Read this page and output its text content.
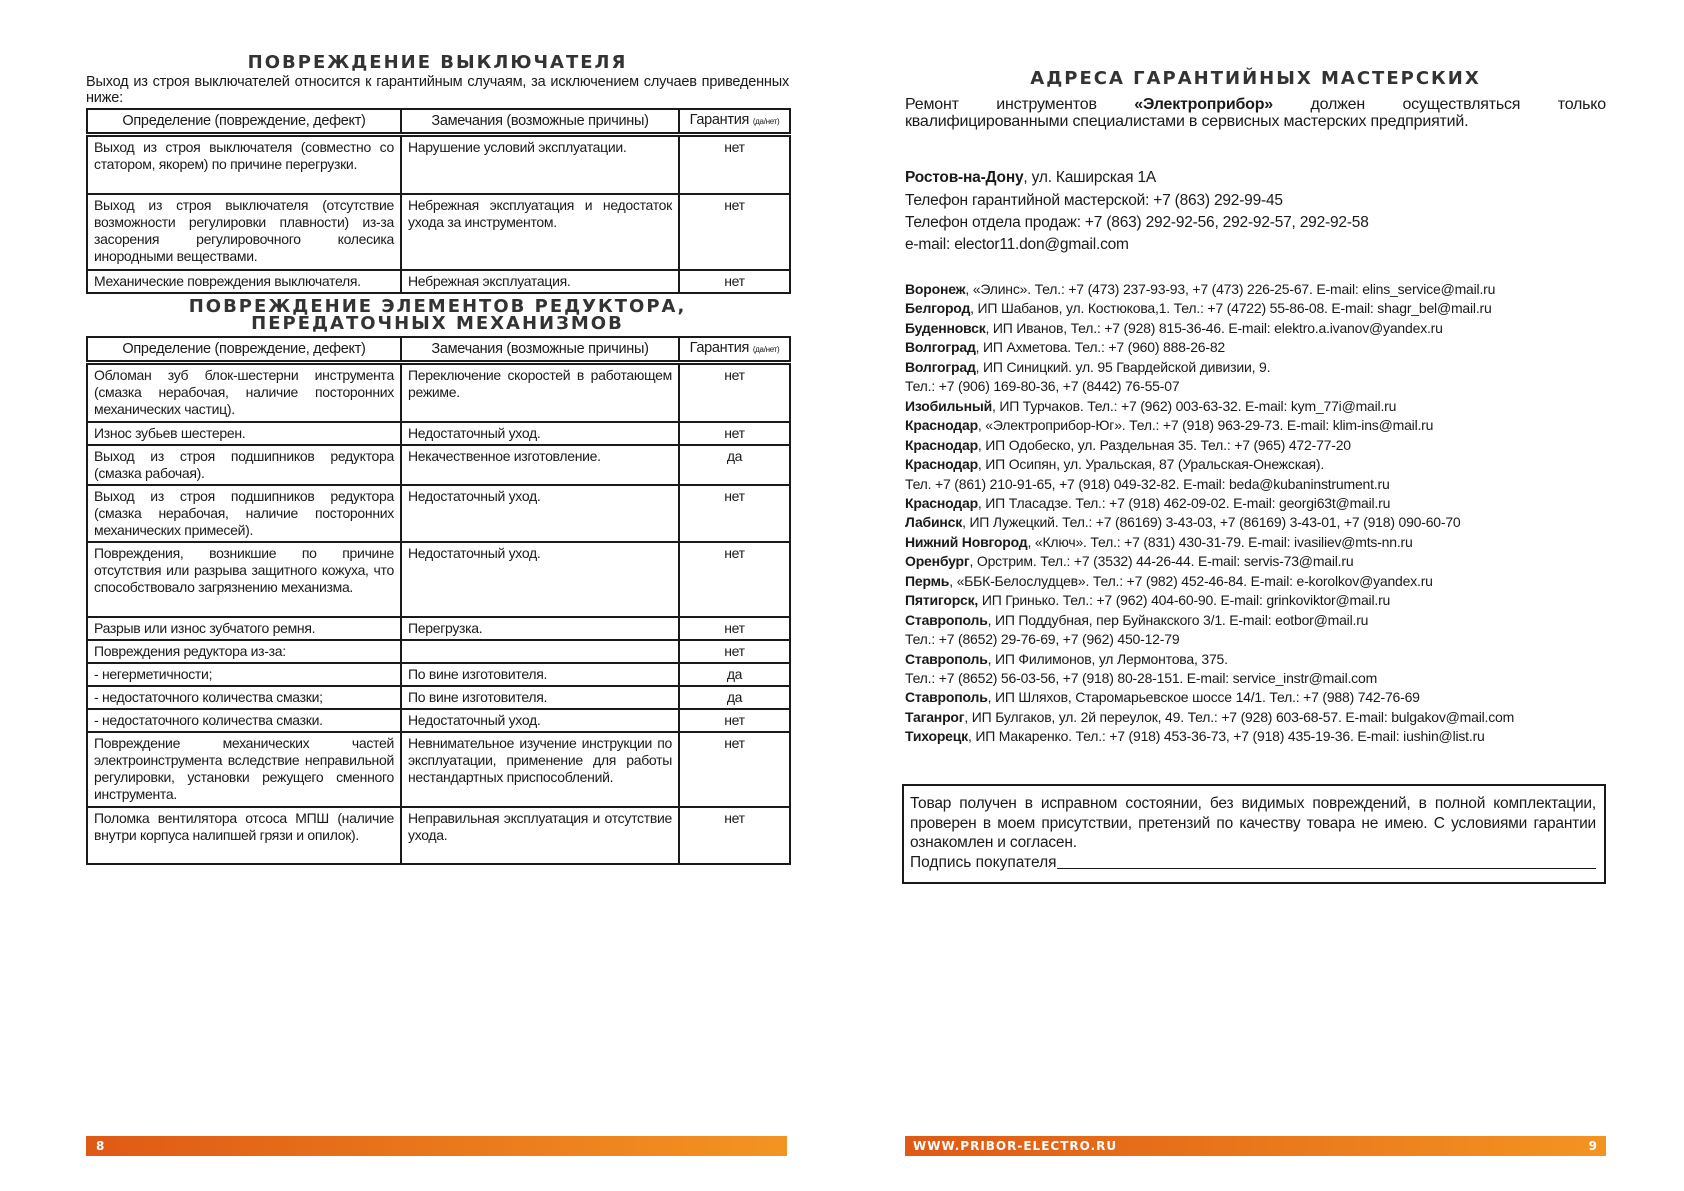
ПОВРЕЖДЕНИЕ ВЫКЛЮЧАТЕЛЯ
Выход из строя выключателей относится к гарантийным случаям, за исключением случаев приведенных ниже:
Определение (повреждение, дефект)	Замечания (возможные причины)	Гарантия (да/нет)

Выход из строя выключателя (совместно со статором, якорем) по причине перегрузки.	Нарушение условий эксплуатации.	нет
Выход из строя выключателя (отсутствие возможности регулировки плавности) из-за засорения регулировочного колесика инородными веществами.	Небрежная эксплуатация и недостаток ухода за инструментом.	нет
Механические повреждения выключателя.	Небрежная эксплуатация.	нет
ПОВРЕЖДЕНИЕ ЭЛЕМЕНТОВ РЕДУКТОРА,
ПЕРЕДАТОЧНЫХ МЕХАНИЗМОВ
Определение (повреждение, дефект)	Замечания (возможные причины)	Гарантия (да/нет)

Обломан зуб блок-шестерни инструмента (смазка нерабочая, наличие посторонних механических частиц).	Переключение скоростей в работающем режиме.	нет
Износ зубьев шестерен.	Недостаточный уход.	нет
Выход из строя подшипников редуктора (смазка рабочая).	Некачественное изготовление.	да
Выход из строя подшипников редуктора (смазка нерабочая, наличие посторонних механических примесей).	Недостаточный уход.	нет
Повреждения, возникшие по причине отсутствия или разрыва защитного кожуха, что способствовало загрязнению механизма.	Недостаточный уход.	нет
Разрыв или износ зубчатого ремня.	Перегрузка.	нет
Повреждения редуктора из-за:		нет
- негерметичности;	По вине изготовителя.	да
- недостаточного количества смазки;	По вине изготовителя.	да
- недостаточного количества смазки.	Недостаточный уход.	нет
Повреждение механических частей электроинструмента вследствие неправильной регулировки, установки режущего сменного инструмента.	Невнимательное изучение инструкции по эксплуатации, применение для работы нестандартных приспособлений.	нет
Поломка вентилятора отсоса МПШ (наличие внутри корпуса налипшей грязи и опилок).	Неправильная эксплуатация и отсутствие ухода.	нет
8
АДРЕСА ГАРАНТИЙНЫХ МАСТЕРСКИХ
Ремонт инструментов «Электроприбор» должен осуществляться только квалифицированными специалистами в сервисных мастерских предприятий.
Ростов-на-Дону, ул. Каширская 1А
Телефон гарантийной мастерской: +7 (863) 292-99-45
Телефон отдела продаж: +7 (863) 292-92-56, 292-92-57, 292-92-58
e-mail: elector11.don@gmail.com
Воронеж, «Элинс». Тел.: +7 (473) 237-93-93, +7 (473) 226-25-67. E-mail: elins_service@mail.ru
Белгород, ИП Шабанов, ул. Костюкова,1. Тел.: +7 (4722) 55-86-08. E-mail: shagr_bel@mail.ru
Буденновск, ИП Иванов, Тел.: +7 (928) 815-36-46. E-mail: elektro.a.ivanov@yandex.ru
Волгоград, ИП Ахметова. Тел.: +7 (960) 888-26-82
Волгоград, ИП Синицкий. ул. 95 Гвардейской дивизии, 9.
Тел.: +7 (906) 169-80-36, +7 (8442) 76-55-07
Изобильный, ИП Турчаков. Тел.: +7 (962) 003-63-32. E-mail: kym_77i@mail.ru
Краснодар, «Электроприбор-Юг». Тел.: +7 (918) 963-29-73. E-mail: klim-ins@mail.ru
Краснодар, ИП Одобеско, ул. Раздельная 35. Тел.: +7 (965) 472-77-20
Краснодар, ИП Осипян, ул. Уральская, 87 (Уральская-Онежская).
Тел. +7 (861) 210-91-65, +7 (918) 049-32-82. E-mail: beda@kubaninstrument.ru
Краснодар, ИП Тласадзе. Тел.: +7 (918) 462-09-02. E-mail: georgi63t@mail.ru
Лабинск, ИП Лужецкий. Тел.: +7 (86169) 3-43-03, +7 (86169) 3-43-01, +7 (918) 090-60-70
Нижний Новгород, «Ключ». Тел.: +7 (831) 430-31-79. E-mail: ivasiliev@mts-nn.ru
Оренбург, Орстрим. Тел.: +7 (3532) 44-26-44. E-mail: servis-73@mail.ru
Пермь, «ББК-Белослудцев». Тел.: +7 (982) 452-46-84. E-mail: e-korolkov@yandex.ru
Пятигорск, ИП Гринько. Тел.: +7 (962) 404-60-90. E-mail: grinkoviktor@mail.ru
Ставрополь, ИП Поддубная, пер Буйнакского 3/1. E-mail: eotbor@mail.ru
Тел.: +7 (8652) 29-76-69, +7 (962) 450-12-79
Ставрополь, ИП Филимонов, ул Лермонтова, 375.
Тел.: +7 (8652) 56-03-56, +7 (918) 80-28-151. E-mail: service_instr@mail.com
Ставрополь, ИП Шляхов, Старомарьевское шоссе 14/1. Тел.: +7 (988) 742-76-69
Таганрог, ИП Булгаков, ул. 2й переулок, 49. Тел.: +7 (928) 603-68-57. E-mail: bulgakov@mail.com
Тихорецк, ИП Макаренко. Тел.: +7 (918) 453-36-73, +7 (918) 435-19-36. E-mail: iushin@list.ru
Товар получен в исправном состоянии, без видимых повреждений, в полной комплектации, проверен в моем присутствии, претензий по качеству товара не имею. С условиями гарантии ознакомлен и согласен.
Подпись покупателя
WWW.PRIBOR-ELECTRO.RU	9
